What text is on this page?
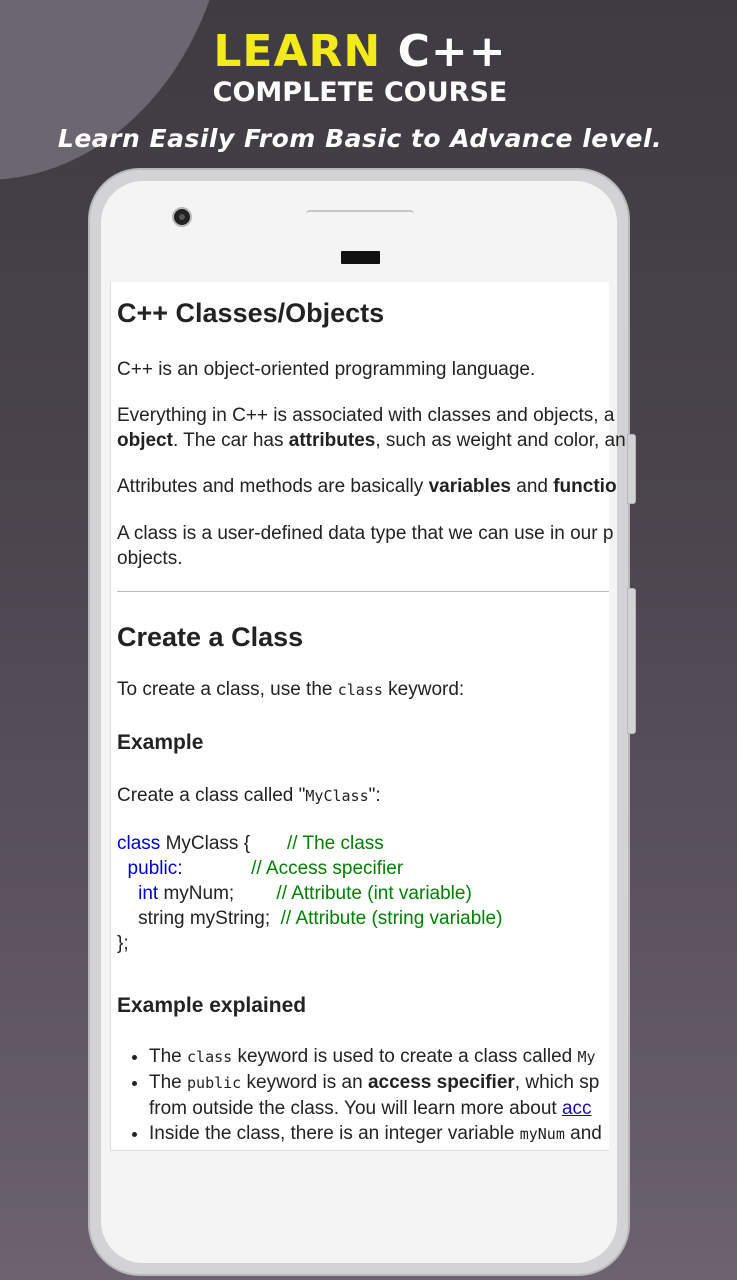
LEARN C++
COMPLETE COURSE
Learn Easily From Basic to Advance level.
C++ Classes/Objects

C++ is an object-oriented programming language.

Everything in C++ is associated with classes and objects, a

object. The car has attributes, such as weight and color, an

Attributes and methods are basically variables and functio

A class is a user-defined data type that we can use in our p

objects.

Create a Class

To create a class, use the class keyword:

Example

Create a class called "MyClass":

class MyClass {       // The class
public:	// Access specifier
int myNum;        // Attribute (int variable)
string myString;  // Attribute (string variable)
};
Example explained
• The class keyword is used to create a class called My
• The public keyword is an access specifier, which sp
from outside the class. You will learn more about acc
• Inside the class, there is an integer variable myNum and
